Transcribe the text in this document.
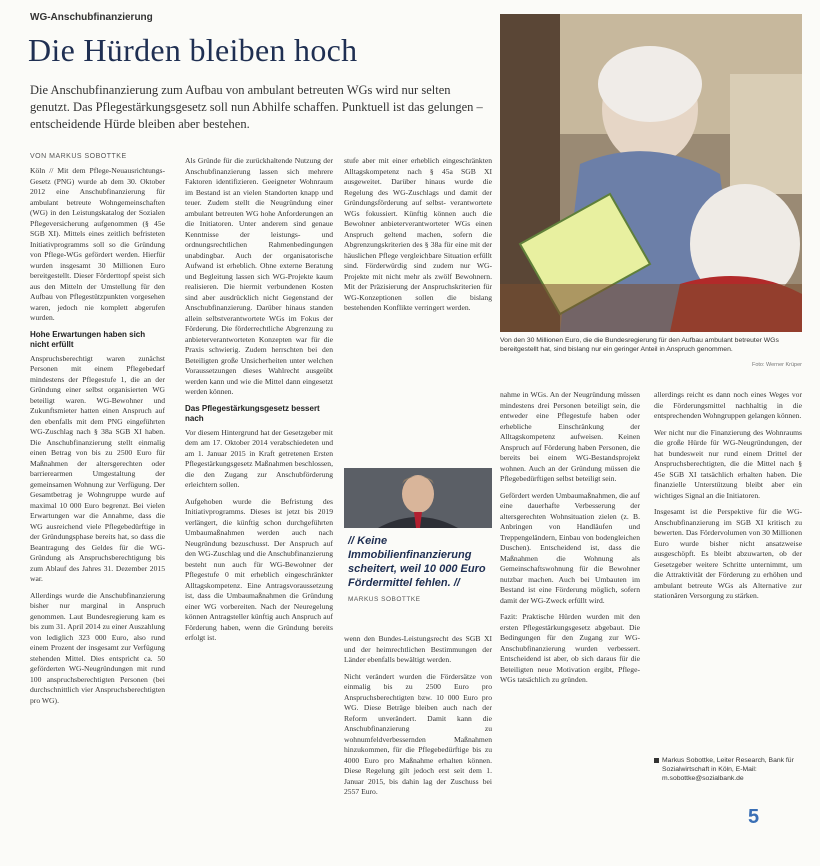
WG-Anschubfinanzierung
Die Hürden bleiben hoch
Die Anschubfinanzierung zum Aufbau von ambulant betreuten WGs wird nur selten genutzt. Das Pflegestärkungsgesetz soll nun Abhilfe schaffen. Punktuell ist das gelungen – entscheidende Hürde bleiben aber bestehen.
Von den 30 Millionen Euro, die die Bundesregierung für den Aufbau ambulant betreuter WGs bereitgestellt hat, sind bislang nur ein geringer Anteil in Anspruch genommen.
Foto: Werner Krüper
VON MARKUS SOBOTTKE

Köln // Mit dem Pflege-Neuausrichtungs-Gesetz (PNG) wurde ab dem 30. Oktober 2012 eine Anschubfinanzierung für ambulant betreute Wohngemeinschaften (WG) in den Leistungskatalog der Sozialen Pflegeversicherung aufgenommen (§ 45e SGB XI). Mittels eines zeitlich befristeten Initiativprogramms soll so die Gründung von Pflege-WGs gefördert werden. Hierfür wurden insgesamt 30 Millionen Euro bereitgestellt. Dieser Förderttopf speist sich aus den Mitteln der Umstellung für den Aufbau von Pflegestützpunkten vorgesehen waren, jedoch nie komplett abgerufen wurden.

Hohe Erwartungen haben sich nicht erfüllt

Anspruchsberechtigt waren zunächst Personen mit einem Pflegebedarf mindestens der Pflegestufe 1, die an der Gründung einer selbst organisierten WG beteiligt waren. WG-Bewohner und Zukunftsmieter hatten einen Anspruch auf den ebenfalls mit dem PNG eingeführten WG-Zuschlag nach § 38a SGB XI haben. Die Anschubfinanzierung stellt einmalig einen Betrag von bis zu 2500 Euro für Maßnahmen der altersgerechten oder barrierearmen Umgestaltung der gemeinsamen Wohnung zur Verfügung. Der Gesamtbetrag je Wohngruppe wurde auf maximal 10 000 Euro begrenzt. Bei vielen Erwartungen war die Annahme, dass die WG ausreichend viele Pflegebedürftige in der Gründungsphase bereits hat, so dass die Beantragung des Geldes für die WG-Gründung als Anspruchsberechtigung bis zum Ablauf des Jahres 31. Dezember 2015 war.

Allerdings wurde die Anschubfinanzierung bisher nur marginal in Anspruch genommen. Laut Bundesregierung kam es bis zum 31. April 2014 zu einer Auszahlung von lediglich 323 000 Euro, also rund einem Prozent der insgesamt zur Verfügung stehenden Mittel. Dies entspricht ca. 50 geförderten WG-Neugründungen mit rund 100 anspruchsberechtigten Personen (bei durchschnittlich vier Anspruchsberechtigten pro WG).

Als Gründe für die zurückhaltende Nutzung der Anschubfinanzierung lassen sich mehrere Faktoren identifizieren. Geeigneter Wohnraum im Bestand ist an vielen Standorten knapp und teuer. Zudem stellt die Neugründung einer ambulant betreuten WG hohe Anforderungen an die Initiatoren. Unter anderem sind genaue Kenntnisse der leistungs- und ordnungsrechtlichen Rahmenbedingungen unabdingbar. Auch der organisatorische Aufwand ist erheblich. Ohne externe Beratung und Begleitung lassen sich WG-Projekte kaum realisieren. Die hiermit verbundenen Kosten sind aber ausdrücklich nicht Gegenstand der Anschubfinanzierung. Darüber hinaus standen allein selbstverantwortete WGs im Fokus der Förderung. Die förderrechtliche Abgrenzung zu anbieterverantworteten Konzepten war für die Praxis schwierig. Zudem herrschten bei den Beteiligten große Unsicherheiten unter welchen Voraussetzungen dieses Wahlrecht ausgeübt werden kann und wie die Mittel dann eingesetzt werden können.

Das Pflegestärkungsgesetz bessert nach

Vor diesem Hintergrund hat der Gesetzgeber mit dem am 17. Oktober 2014 verabschiedeten und am 1. Januar 2015 in Kraft getretenen Ersten Pflegestärkungsgesetz Maßnahmen beschlossen, die den Zugang zur Anschubförderung erleichtern sollen.

Aufgehoben wurde die Befristung des Initiativprogramms. Dieses ist jetzt bis 2019 verlängert, die künftig schon durchgeführten Umbaumaßnahmen werden auch nach Neugründung bezuschusst. Der Anspruch auf den WG-Zuschlag und die Anschubfinanzierung besteht nun auch für WG-Bewohner der Pflegestufe 0 mit erheblich eingeschränkter Alltagskompetenz. Eine Antragsvoraussetzung ist, dass die Umbaumaßnahmen die Gründung einer WG vorbereiten. Nach der Neuregelung können Antragsteller künftig auch Anspruch auf Förderung haben, wenn die Gründung bereits erfolgt ist.

stufe aber mit einer erheblich eingeschränkten Alltagskompetenz nach § 45a SGB XI ausgeweitet. Darüber hinaus wurde die Regelung des WG-Zuschlags und damit der Gründungsförderung auf selbst- verantwortete WGs fokussiert. Künftig können auch die Bewohner anbieterverantworteter WGs einen Anspruch geltend machen, sofern die Abgrenzungskriterien des § 38a für eine mit der häuslichen Pflege vergleichbare Situation erfüllt sind. Förderwürdig sind zudem nur WG-Projekte mit nicht mehr als zwölf Bewohnern. Mit der Präzisierung der Anspruchskriterien für WG-Konzeptionen sollen die bislang bestehenden Konflikte verringert werden.

// Keine Immobilienfinanzierung scheitert, weil 10 000 Euro Fördermittel fehlen. //
MARKUS SOBOTTKE

wenn den Bundes-Leistungsrecht des SGB XI und der heimrechtlichen Bestimmungen der Länder ebenfalls bewältigt werden.

Nicht verändert wurden die Fördersätze von einmalig bis zu 2500 Euro pro Anspruchsberechtigten bzw. 10 000 Euro pro WG. Diese Beträge bleiben auch nach der Reform unverändert. Damit kann die Anschubfinanzierung zu wohnumfeldverbessernden Maßnahmen hinzukommen, für die Pflegebedürftige bis zu 4000 Euro pro Maßnahme erhalten können. Diese Regelung gilt jedoch erst seit dem 1. Januar 2015, bis dahin lag der Zuschuss bei 2557 Euro.

nahme in WGs. An der Neugründung müssen mindestens drei Personen beteiligt sein, die entweder eine Pflegestufe haben oder erhebliche Einschränkung der Alltagskompetenz aufweisen. Keinen Anspruch auf Förderung haben Personen, die bereits bei einem WG-Bestandsprojekt wohnen. Auch an der Gründung müssen die Pflegebedürftigen selbst beteiligt sein.

Gefördert werden Umbaumaßnahmen, die auf eine dauerhafte Verbesserung der altersgerechten Wohnsituation zielen (z. B. Anbringen von Handläufen und Treppengeländern, Einbau von bodengleichen Duschen). Entscheidend ist, dass die Maßnahmen die Wohnung als Gemeinschaftswohnung für die Bewohner nutzbar machen. Auch bei Umbauten im Bestand ist eine Förderung möglich, sofern damit der WG-Zweck erfüllt wird.

Fazit: Praktische Hürden wurden mit den ersten Pflegestärkungsgesetz abgebaut. Die Bedingungen für den Zugang zur WG-Anschubfinanzierung wurden verbessert. Entscheidend ist aber, ob sich daraus für die Beteiligten neue Motivation ergibt, Pflege-WGs tatsächlich zu gründen.

allerdings reicht es dann noch eines Weges vor die Förderungsmittel nachhaltig in die entsprechenden Wohngruppen gelangen können.

Wer nicht nur die Finanzierung des Wohnraums die große Hürde für WG-Neugründungen, der hat bundesweit nur rund einem Drittel der Anspruchsberechtigten, die die Mittel nach § 45e SGB XI tatsächlich erhalten haben. Die finanzielle Unterstützung bleibt aber ein wichtiges Signal an die Initiatoren.

Insgesamt ist die Perspektive für die WG-Anschubfinanzierung im SGB XI kritisch zu bewerten. Das Fördervolumen von 30 Millionen Euro wurde bisher nicht ansatzweise ausgeschöpft. Es bleibt abzuwarten, ob der Gesetzgeber weitere Schritte unternimmt, um die Attraktivität der Förderung zu erhöhen und ambulant betreute WGs als Alternative zur stationären Versorgung zu stärken.

Markus Sobottke, Leiter Research, Bank für Sozialwirtschaft in Köln, E-Mail: m.sobottke@sozialbank.de
5
